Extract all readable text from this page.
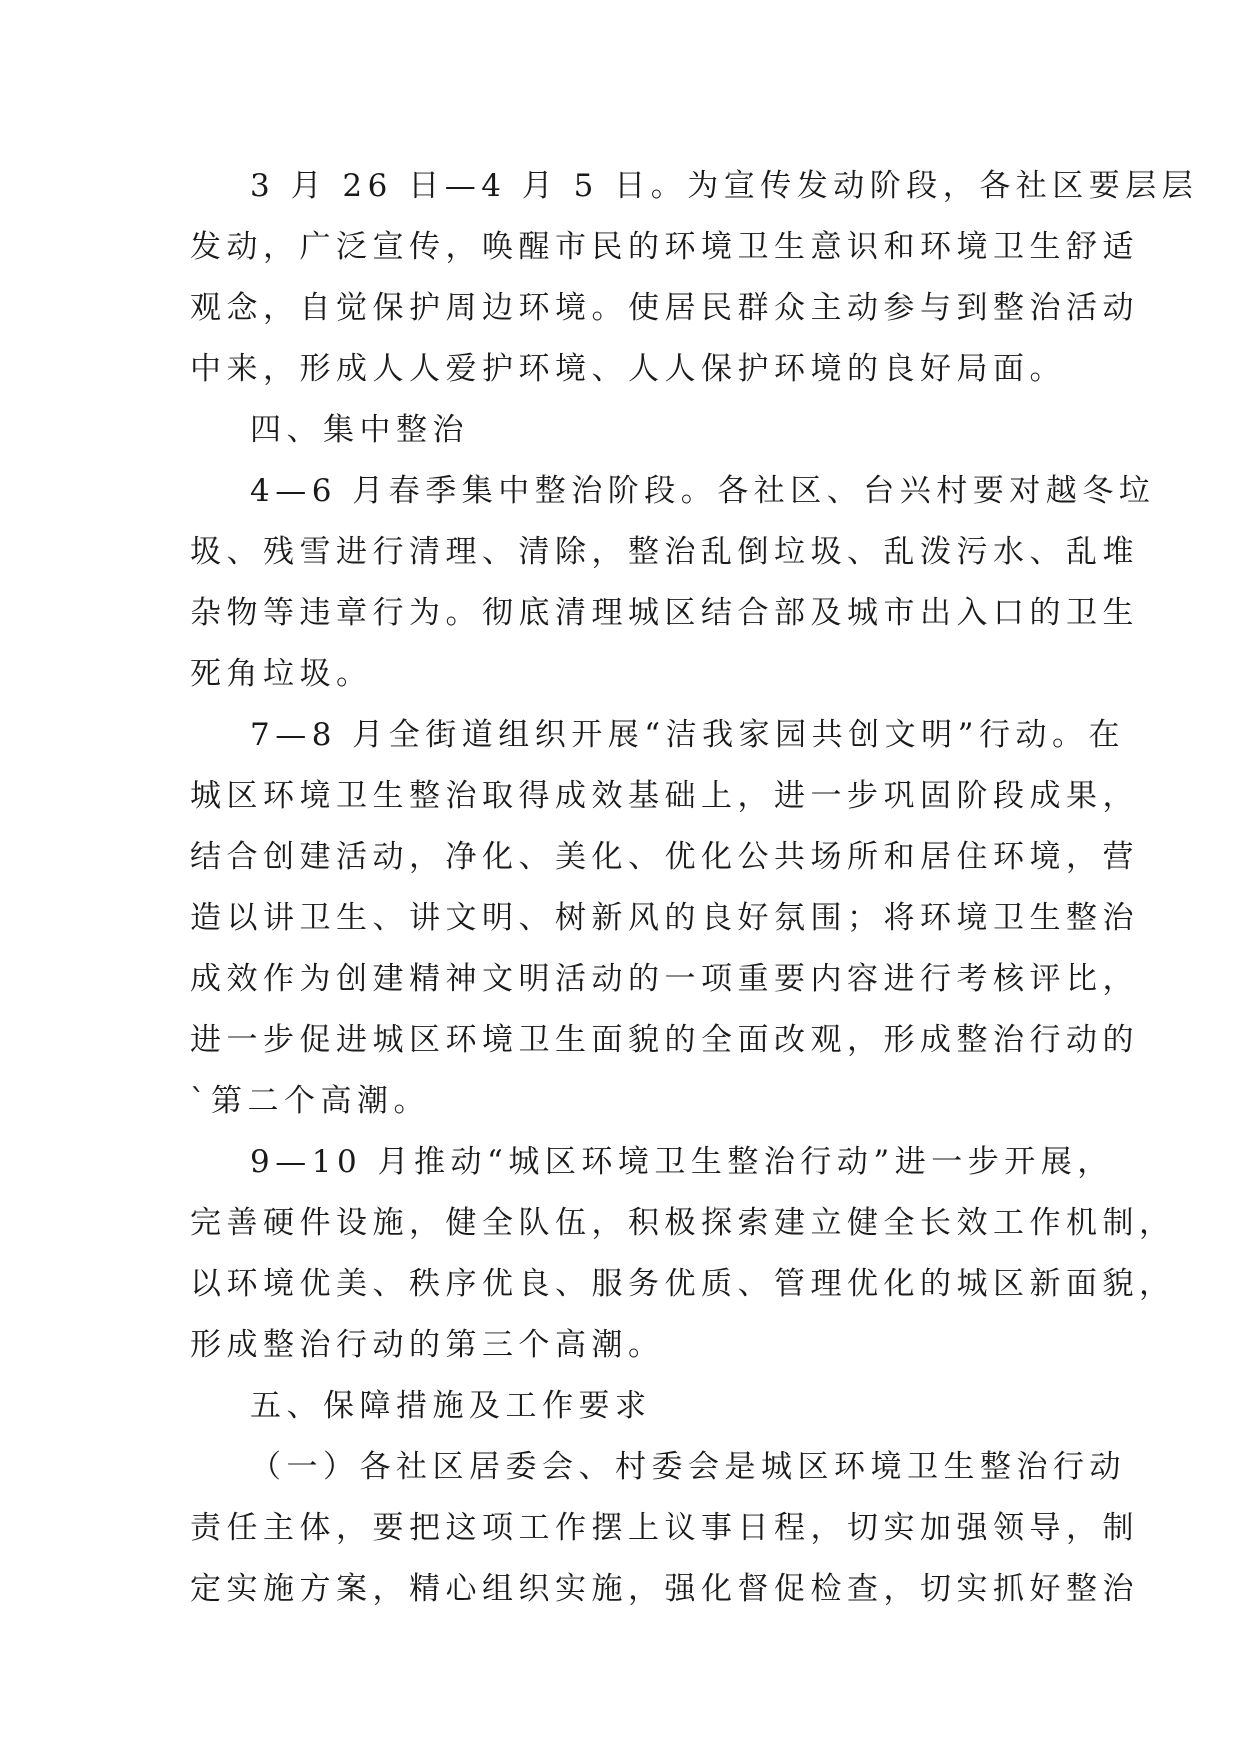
3 月 26 日—4 月 5 日。为宣传发动阶段，各社区要层层
发动，广泛宣传，唤醒市民的环境卫生意识和环境卫生舒适
观念，自觉保护周边环境。使居民群众主动参与到整治活动
中来，形成人人爱护环境、人人保护环境的良好局面。
四、集中整治
4—6 月春季集中整治阶段。各社区、台兴村要对越冬垃
圾、残雪进行清理、清除，整治乱倒垃圾、乱泼污水、乱堆
杂物等违章行为。彻底清理城区结合部及城市出入口的卫生
死角垃圾。
7—8 月全街道组织开展“洁我家园共创文明”行动。在
城区环境卫生整治取得成效基础上，进一步巩固阶段成果，
结合创建活动，净化、美化、优化公共场所和居住环境，营
造以讲卫生、讲文明、树新风的良好氛围；将环境卫生整治
成效作为创建精神文明活动的一项重要内容进行考核评比，
进一步促进城区环境卫生面貌的全面改观，形成整治行动的
`第二个高潮。
9—10 月推动“城区环境卫生整治行动”进一步开展，
完善硬件设施，健全队伍，积极探索建立健全长效工作机制，
以环境优美、秩序优良、服务优质、管理优化的城区新面貌，
形成整治行动的第三个高潮。
五、保障措施及工作要求
（一）各社区居委会、村委会是城区环境卫生整治行动
责任主体，要把这项工作摆上议事日程，切实加强领导，制
定实施方案，精心组织实施，强化督促检查，切实抓好整治
